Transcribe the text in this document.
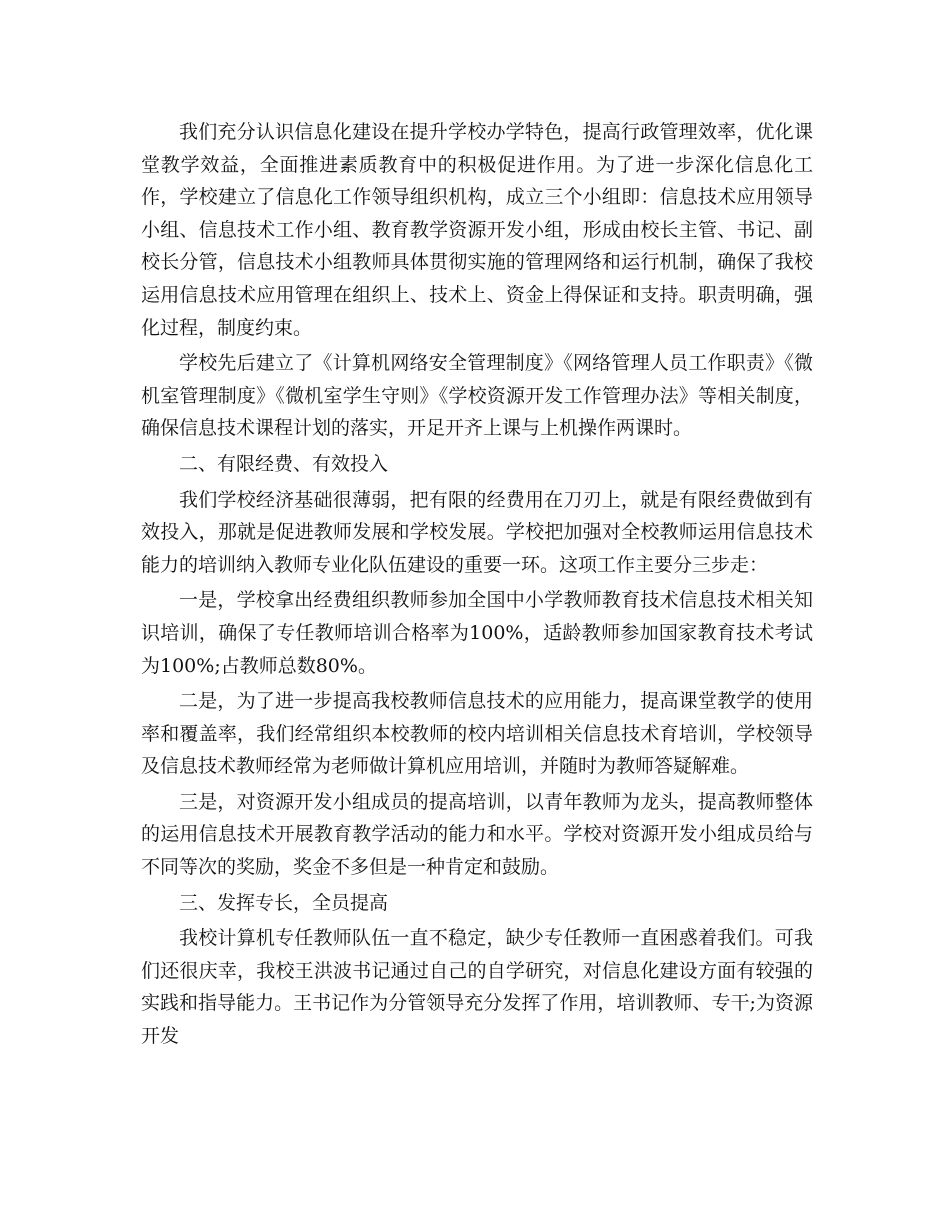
我们充分认识信息化建设在提升学校办学特色，提高行政管理效率，优化课堂教学效益，全面推进素质教育中的积极促进作用。为了进一步深化信息化工作，学校建立了信息化工作领导组织机构，成立三个小组即：信息技术应用领导小组、信息技术工作小组、教育教学资源开发小组，形成由校长主管、书记、副校长分管，信息技术小组教师具体贯彻实施的管理网络和运行机制，确保了我校运用信息技术应用管理在组织上、技术上、资金上得保证和支持。职责明确，强化过程，制度约束。

学校先后建立了《计算机网络安全管理制度》《网络管理人员工作职责》《微机室管理制度》《微机室学生守则》《学校资源开发工作管理办法》等相关制度，确保信息技术课程计划的落实，开足开齐上课与上机操作两课时。

二、有限经费、有效投入

我们学校经济基础很薄弱，把有限的经费用在刀刃上，就是有限经费做到有效投入，那就是促进教师发展和学校发展。学校把加强对全校教师运用信息技术能力的培训纳入教师专业化队伍建设的重要一环。这项工作主要分三步走：

一是，学校拿出经费组织教师参加全国中小学教师教育技术信息技术相关知识培训，确保了专任教师培训合格率为100%，适龄教师参加国家教育技术考试为100%;占教师总数80%。

二是，为了进一步提高我校教师信息技术的应用能力，提高课堂教学的使用率和覆盖率，我们经常组织本校教师的校内培训相关信息技术育培训，学校领导及信息技术教师经常为老师做计算机应用培训，并随时为教师答疑解难。

三是，对资源开发小组成员的提高培训，以青年教师为龙头，提高教师整体的运用信息技术开展教育教学活动的能力和水平。学校对资源开发小组成员给与不同等次的奖励，奖金不多但是一种肯定和鼓励。

三、发挥专长，全员提高

我校计算机专任教师队伍一直不稳定，缺少专任教师一直困惑着我们。可我们还很庆幸，我校王洪波书记通过自己的自学研究，对信息化建设方面有较强的实践和指导能力。王书记作为分管领导充分发挥了作用，培训教师、专干;为资源开发
